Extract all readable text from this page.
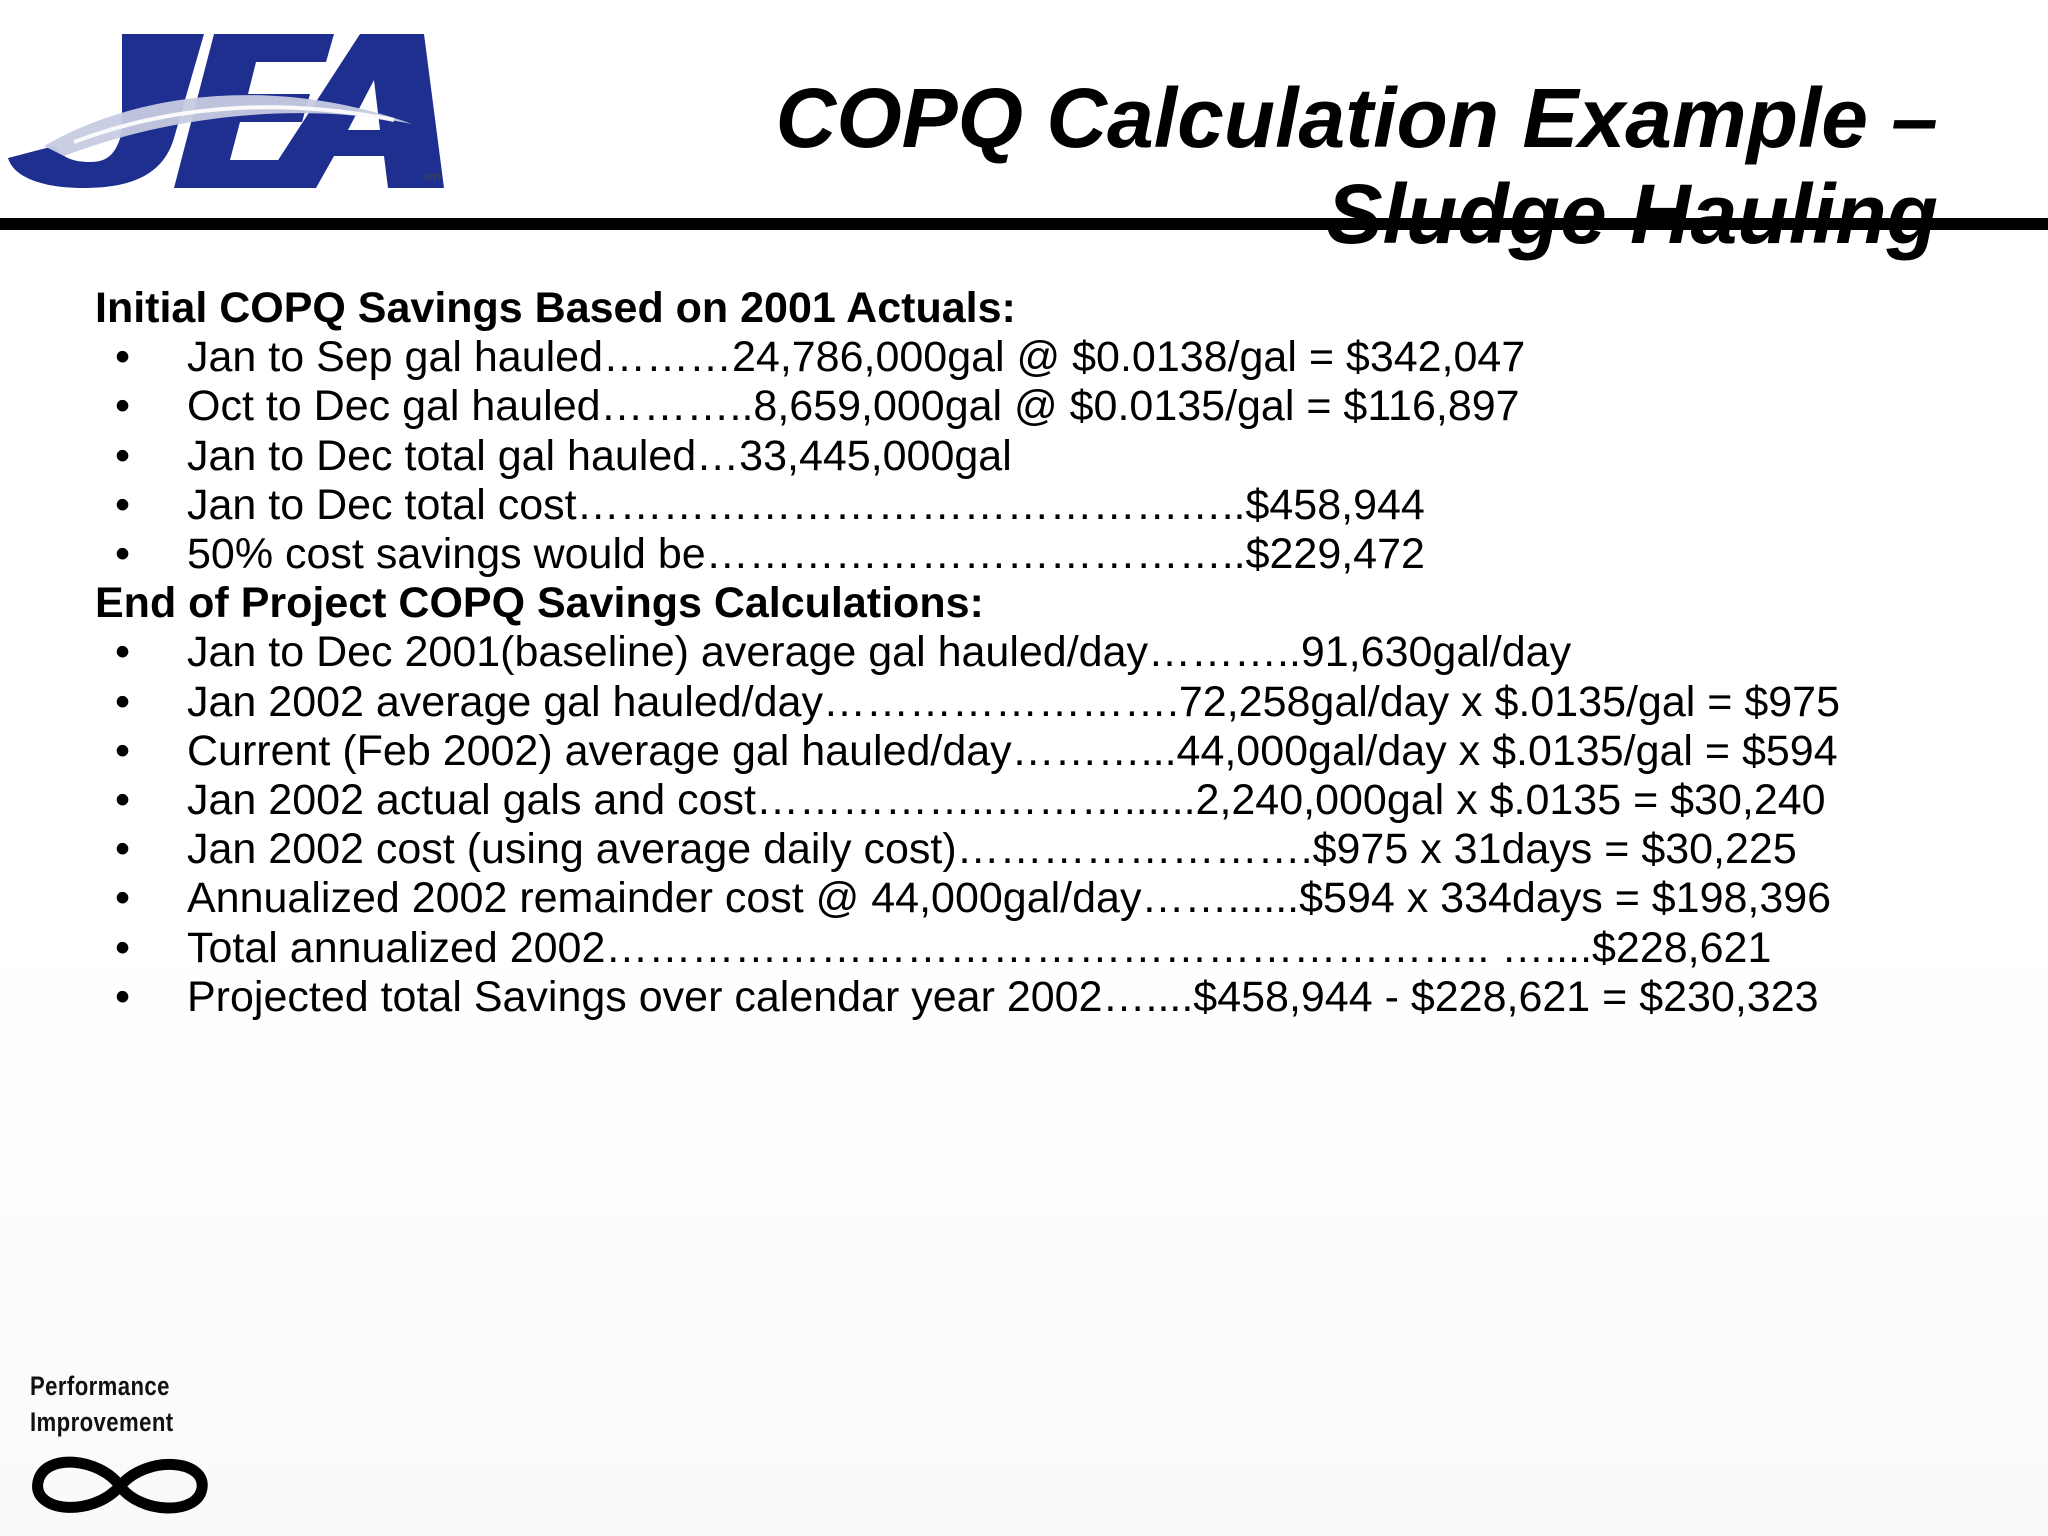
sm
COPQ Calculation Example –
Sludge Hauling

Initial COPQ Savings Based on 2001 Actuals:

• Jan to Sep gal hauled………24,786,000gal @ $0.0138/gal = $342,047
• Oct to Dec gal hauled………..8,659,000gal @ $0.0135/gal = $116,897
• Jan to Dec total gal hauled…33,445,000gal
• Jan to Dec total cost………………………………………..$458,944
• 50% cost savings would be………………………………..$229,472

End of Project COPQ Savings Calculations:

• Jan to Dec 2001(baseline) average gal hauled/day………..91,630gal/day
• Jan 2002 average gal hauled/day…………………….72,258gal/day x $.0135/gal = $975
• Current (Feb 2002) average gal hauled/day………...44,000gal/day x $.0135/gal = $594
• Jan 2002 actual gals and cost……………..………......2,240,000gal x $.0135 = $30,240
• Jan 2002 cost (using average daily cost)…………………….$975 x 31days = $30,225
• Annualized 2002 remainder cost @ 44,000gal/day……......$594 x 334days = $198,396
• Total annualized 2002…………………………………………………….. …....$228,621
• Projected total Savings over calendar year 2002…....$458,944 - $228,621 = $230,323
Performance
Improvement
